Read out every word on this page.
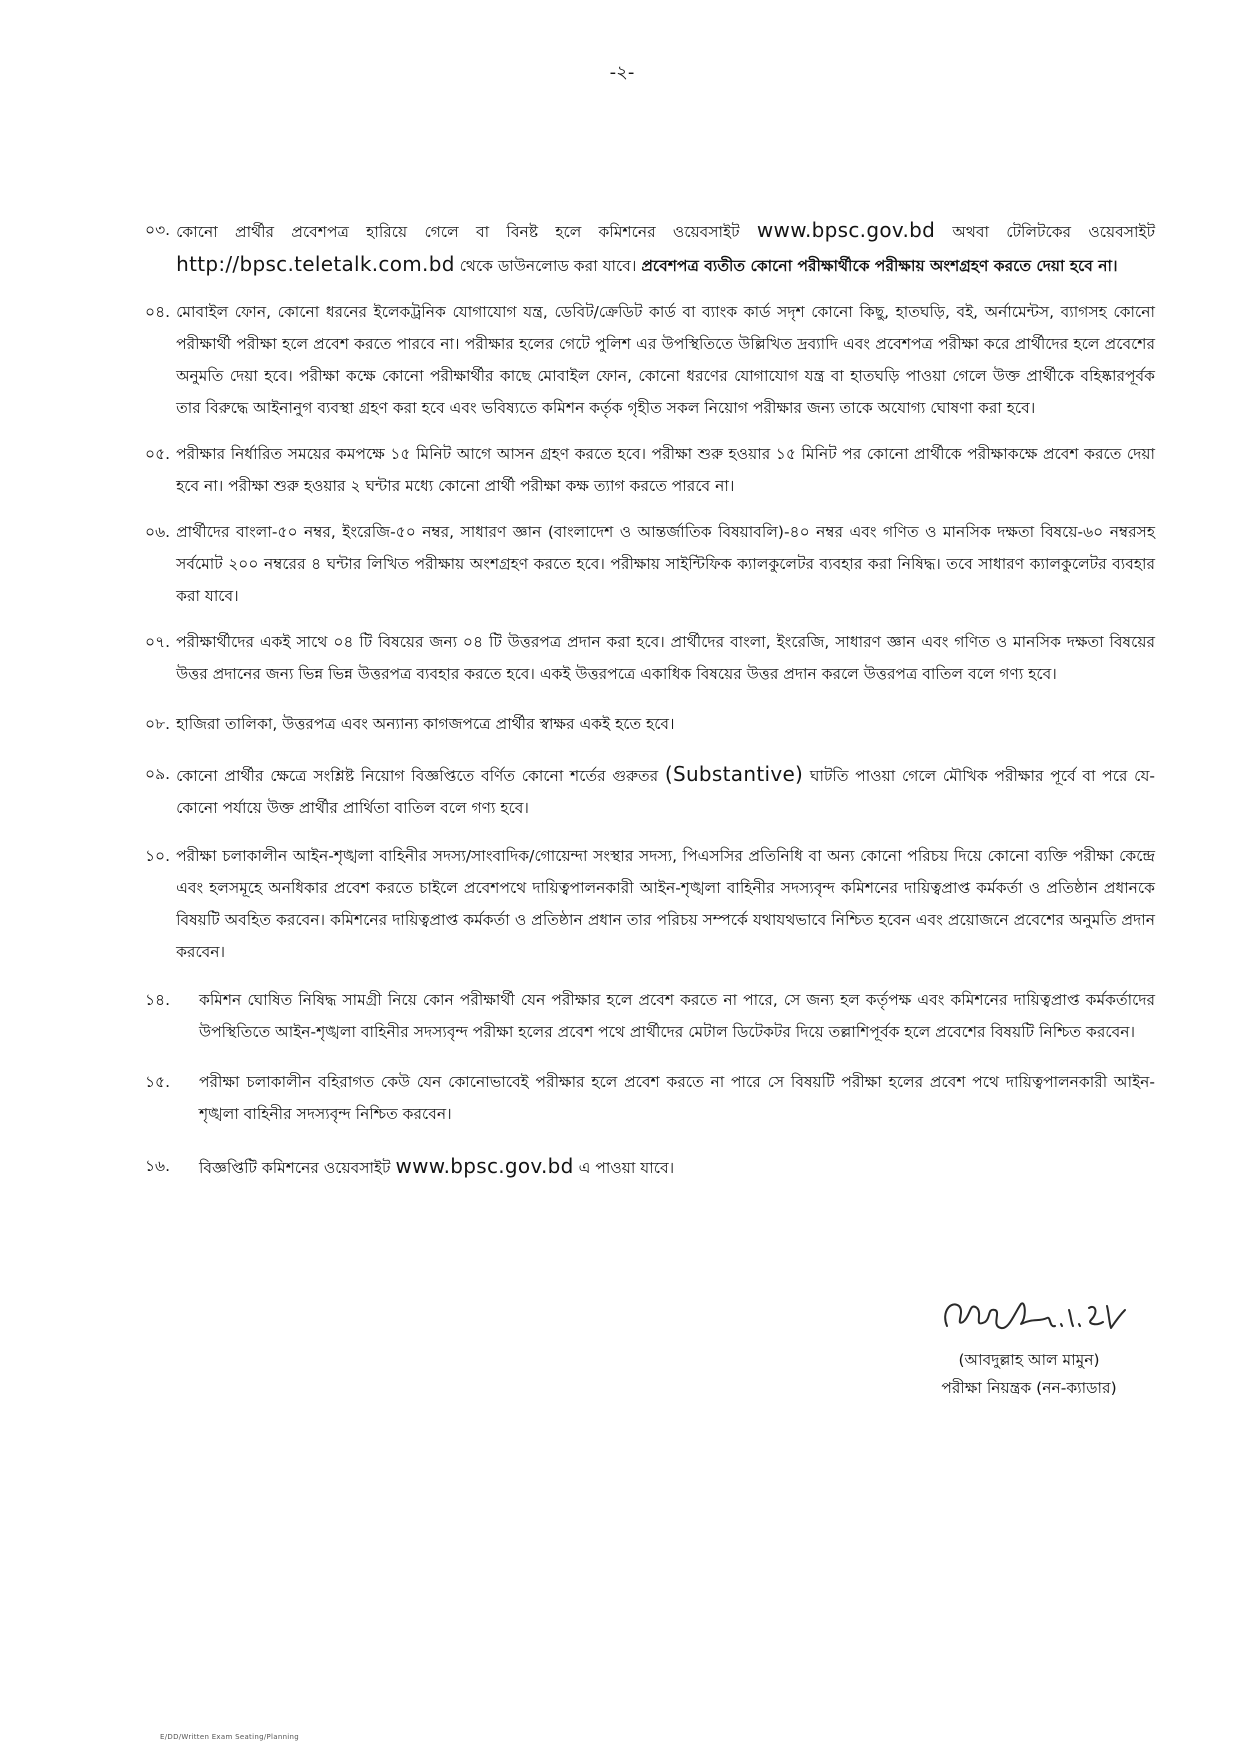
-২-
০৩. কোনো প্রার্থীর প্রবেশপত্র হারিয়ে গেলে বা বিনষ্ট হলে কমিশনের ওয়েবসাইট www.bpsc.gov.bd অথবা টেলিটকের ওয়েবসাইট http://bpsc.teletalk.com.bd থেকে ডাউনলোড করা যাবে। প্রবেশপত্র ব্যতীত কোনো পরীক্ষার্থীকে পরীক্ষায় অংশগ্রহণ করতে দেয়া হবে না।
০৪. মোবাইল ফোন, কোনো ধরনের ইলেকট্রনিক যোগাযোগ যন্ত্র, ডেবিট/ক্রেডিট কার্ড বা ব্যাংক কার্ড সদৃশ কোনো কিছু, হাতঘড়ি, বই, অর্নামেন্টস, ব্যাগসহ কোনো পরীক্ষার্থী পরীক্ষা হলে প্রবেশ করতে পারবে না। পরীক্ষার হলের গেটে পুলিশ এর উপস্থিতিতে উল্লিখিত দ্রব্যাদি এবং প্রবেশপত্র পরীক্ষা করে প্রার্থীদের হলে প্রবেশের অনুমতি দেয়া হবে। পরীক্ষা কক্ষে কোনো পরীক্ষার্থীর কাছে মোবাইল ফোন, কোনো ধরণের যোগাযোগ যন্ত্র বা হাতঘড়ি পাওয়া গেলে উক্ত প্রার্থীকে বহিষ্কারপূর্বক তার বিরুদ্ধে আইনানুগ ব্যবস্থা গ্রহণ করা হবে এবং ভবিষ্যতে কমিশন কর্তৃক গৃহীত সকল নিয়োগ পরীক্ষার জন্য তাকে অযোগ্য ঘোষণা করা হবে।
০৫. পরীক্ষার নির্ধারিত সময়ের কমপক্ষে ১৫ মিনিট আগে আসন গ্রহণ করতে হবে। পরীক্ষা শুরু হওয়ার ১৫ মিনিট পর কোনো প্রার্থীকে পরীক্ষাকক্ষে প্রবেশ করতে দেয়া হবে না। পরীক্ষা শুরু হওয়ার ২ ঘন্টার মধ্যে কোনো প্রার্থী পরীক্ষা কক্ষ ত্যাগ করতে পারবে না।
০৬. প্রার্থীদের বাংলা-৫০ নম্বর, ইংরেজি-৫০ নম্বর, সাধারণ জ্ঞান (বাংলাদেশ ও আন্তর্জাতিক বিষয়াবলি)-৪০ নম্বর এবং গণিত ও মানসিক দক্ষতা বিষয়ে-৬০ নম্বরসহ সর্বমোট ২০০ নম্বরের ৪ ঘন্টার লিখিত পরীক্ষায় অংশগ্রহণ করতে হবে। পরীক্ষায় সাইন্টিফিক ক্যালকুলেটর ব্যবহার করা নিষিদ্ধ। তবে সাধারণ ক্যালকুলেটর ব্যবহার করা যাবে।
০৭. পরীক্ষার্থীদের একই সাথে ০৪ টি বিষয়ের জন্য ০৪ টি উত্তরপত্র প্রদান করা হবে। প্রার্থীদের বাংলা, ইংরেজি, সাধারণ জ্ঞান এবং গণিত ও মানসিক দক্ষতা বিষয়ের উত্তর প্রদানের জন্য ভিন্ন ভিন্ন উত্তরপত্র ব্যবহার করতে হবে। একই উত্তরপত্রে একাধিক বিষয়ের উত্তর প্রদান করলে উত্তরপত্র বাতিল বলে গণ্য হবে।
০৮. হাজিরা তালিকা, উত্তরপত্র এবং অন্যান্য কাগজপত্রে প্রার্থীর স্বাক্ষর একই হতে হবে।
০৯. কোনো প্রার্থীর ক্ষেত্রে সংশ্লিষ্ট নিয়োগ বিজ্ঞপ্তিতে বর্ণিত কোনো শর্তের গুরুতর (Substantive) ঘাটতি পাওয়া গেলে মৌখিক পরীক্ষার পূর্বে বা পরে যে-কোনো পর্যায়ে উক্ত প্রার্থীর প্রার্থিতা বাতিল বলে গণ্য হবে।
১০. পরীক্ষা চলাকালীন আইন-শৃঙ্খলা বাহিনীর সদস্য/সাংবাদিক/গোয়েন্দা সংস্থার সদস্য, পিএসসির প্রতিনিধি বা অন্য কোনো পরিচয় দিয়ে কোনো ব্যক্তি পরীক্ষা কেন্দ্রে এবং হলসমূহে অনধিকার প্রবেশ করতে চাইলে প্রবেশপথে দায়িত্বপালনকারী আইন-শৃঙ্খলা বাহিনীর সদস্যবৃন্দ কমিশনের দায়িত্বপ্রাপ্ত কর্মকর্তা ও প্রতিষ্ঠান প্রধানকে বিষয়টি অবহিত করবেন। কমিশনের দায়িত্বপ্রাপ্ত কর্মকর্তা ও প্রতিষ্ঠান প্রধান তার পরিচয় সম্পর্কে যথাযথভাবে নিশ্চিত হবেন এবং প্রয়োজনে প্রবেশের অনুমতি প্রদান করবেন।
১৪.	কমিশন ঘোষিত নিষিদ্ধ সামগ্রী নিয়ে কোন পরীক্ষার্থী যেন পরীক্ষার হলে প্রবেশ করতে না পারে, সে জন্য হল কর্তৃপক্ষ এবং কমিশনের দায়িত্বপ্রাপ্ত কর্মকর্তাদের উপস্থিতিতে আইন-শৃঙ্খলা বাহিনীর সদস্যবৃন্দ পরীক্ষা হলের প্রবেশ পথে প্রার্থীদের মেটাল ডিটেকটর দিয়ে তল্লাশিপূর্বক হলে প্রবেশের বিষয়টি নিশ্চিত করবেন।
১৫.	পরীক্ষা চলাকালীন বহিরাগত কেউ যেন কোনোভাবেই পরীক্ষার হলে প্রবেশ করতে না পারে সে বিষয়টি পরীক্ষা হলের প্রবেশ পথে দায়িত্বপালনকারী আইন-শৃঙ্খলা বাহিনীর সদস্যবৃন্দ নিশ্চিত করবেন।
১৬.	বিজ্ঞপ্তিটি কমিশনের ওয়েবসাইট www.bpsc.gov.bd এ পাওয়া যাবে।
(আবদুল্লাহ আল মামুন)
পরীক্ষা নিয়ন্ত্রক (নন-ক্যাডার)
E/DD/Written Exam Seating/Planning
